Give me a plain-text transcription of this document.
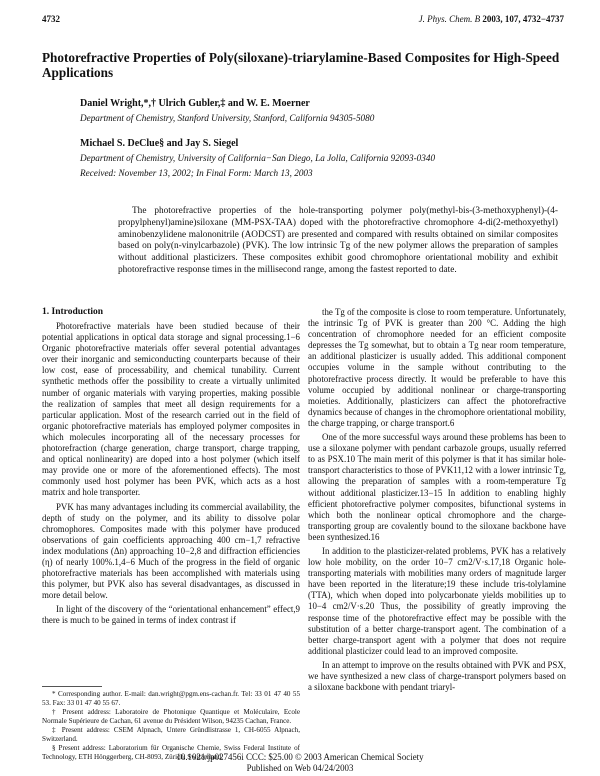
4732	J. Phys. Chem. B 2003, 107, 4732−4737
Photorefractive Properties of Poly(siloxane)-triarylamine-Based Composites for High-Speed Applications
Daniel Wright,*,† Ulrich Gubler,‡ and W. E. Moerner
Department of Chemistry, Stanford University, Stanford, California 94305-5080
Michael S. DeClue§ and Jay S. Siegel
Department of Chemistry, University of California−San Diego, La Jolla, California 92093-0340
Received: November 13, 2002; In Final Form: March 13, 2003
The photorefractive properties of the hole-transporting polymer poly(methyl-bis-(3-methoxyphenyl)-(4-propylphenyl)amine)siloxane (MM-PSX-TAA) doped with the photorefractive chromophore 4-di(2-methoxyethyl) aminobenzylidene malononitrile (AODCST) are presented and compared with results obtained on similar composites based on poly(n-vinylcarbazole) (PVK). The low intrinsic Tg of the new polymer allows the preparation of samples without additional plasticizers. These composites exhibit good chromophore orientational mobility and exhibit photorefractive response times in the millisecond range, among the fastest reported to date.
1. Introduction

Photorefractive materials have been studied because of their potential applications in optical data storage and signal processing.1−6 Organic photorefractive materials offer several potential advantages over their inorganic and semiconducting counterparts because of their low cost, ease of processability, and chemical tunability. Current synthetic methods offer the possibility to create a virtually unlimited number of organic materials with varying properties, making possible the realization of samples that meet all design requirements for a particular application. Most of the research carried out in the field of organic photorefractive materials has employed polymer composites in which molecules incorporating all of the necessary processes for photorefraction (charge generation, charge transport, charge trapping, and optical nonlinearity) are doped into a host polymer (which itself may provide one or more of the aforementioned effects). The most commonly used host polymer has been PVK, which acts as a host matrix and hole transporter.

PVK has many advantages including its commercial availability, the depth of study on the polymer, and its ability to dissolve polar chromophores. Composites made with this polymer have produced observations of gain coefficients approaching 400 cm−1,7 refractive index modulations (Δn) approaching 10−2,8 and diffraction efficiencies (η) of nearly 100%.1,4−6 Much of the progress in the field of organic photorefractive materials has been accomplished with materials using this polymer, but PVK also has several disadvantages, as discussed in more detail below.

In light of the discovery of the “orientational enhancement” effect,9 there is much to be gained in terms of index contrast if

the Tg of the composite is close to room temperature. Unfortunately, the intrinsic Tg of PVK is greater than 200 °C. Adding the high concentration of chromophore needed for an efficient composite depresses the Tg somewhat, but to obtain a Tg near room temperature, an additional plasticizer is usually added. This additional component occupies volume in the sample without contributing to the photorefractive process directly. It would be preferable to have this volume occupied by additional nonlinear or charge-transporting moieties. Additionally, plasticizers can affect the photorefractive dynamics because of changes in the chromophore orientational mobility, the charge trapping, or charge transport.6

One of the more successful ways around these problems has been to use a siloxane polymer with pendant carbazole groups, usually referred to as PSX.10 The main merit of this polymer is that it has similar hole-transport characteristics to those of PVK11,12 with a lower intrinsic Tg, allowing the preparation of samples with a room-temperature Tg without additional plasticizer.13−15 In addition to enabling highly efficient photorefractive polymer composites, bifunctional systems in which both the nonlinear optical chromophore and the charge-transporting group are covalently bound to the siloxane backbone have been synthesized.16

In addition to the plasticizer-related problems, PVK has a relatively low hole mobility, on the order 10−7 cm2/V·s.17,18 Organic hole-transporting materials with mobilities many orders of magnitude larger have been reported in the literature;19 these include tris-tolylamine (TTA), which when doped into polycarbonate yields mobilities up to 10−4 cm2/V·s.20 Thus, the possibility of greatly improving the response time of the photorefractive effect may be possible with the substitution of a better charge-transport agent. The combination of a better charge-transport agent with a polymer that does not require additional plasticizer could lead to an improved composite.

In an attempt to improve on the results obtained with PVK and PSX, we have synthesized a new class of charge-transport polymers based on a siloxane backbone with pendant triaryl-

* Corresponding author. E-mail: dan.wright@pgm.ens-cachan.fr. Tel: 33 01 47 40 55 53. Fax: 33 01 47 40 55 67.

† Present address: Laboratoire de Photonique Quantique et Moléculaire, Ecole Normale Supérieure de Cachan, 61 avenue du Président Wilson, 94235 Cachan, France.

‡ Present address: CSEM Alpnach, Untere Gründlistrasse 1, CH-6055 Alpnach, Switzerland.

§ Present address: Laboratorium für Organische Chemie, Swiss Federal Institute of Technology, ETH Hönggerberg, CH-8093, Zürich, Switzerland.

10.1021/jp027456i CCC: $25.00 © 2003 American Chemical Society
Published on Web 04/24/2003
